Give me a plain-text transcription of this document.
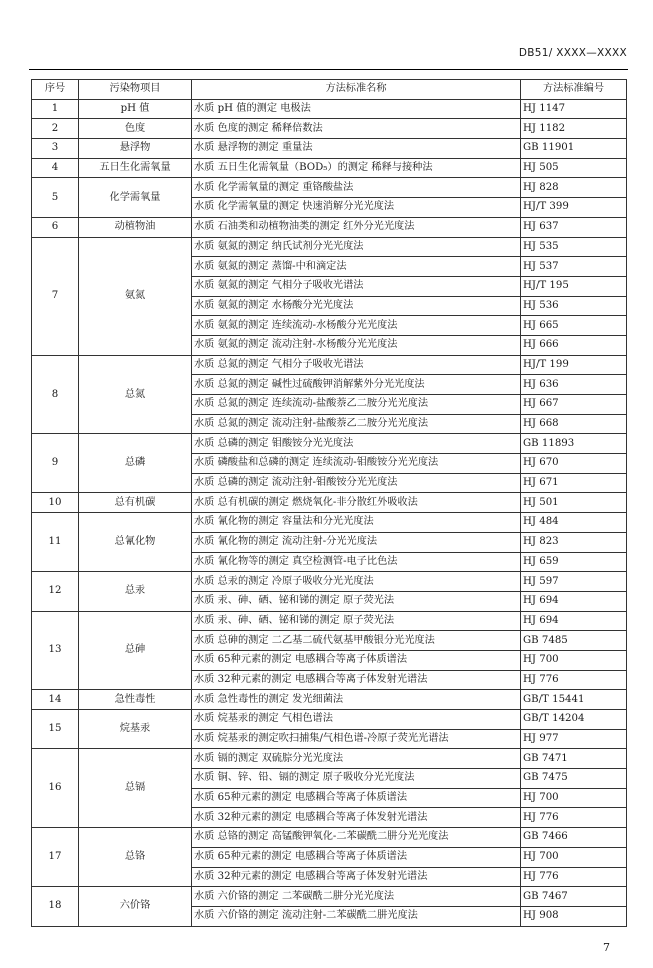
DB51/ XXXX—XXXX
序号	污染物项目	方法标准名称	方法标准编号
1	pH 值	水质 pH 值的测定 电极法	HJ 1147
2	色度	水质 色度的测定 稀释倍数法	HJ 1182
3	悬浮物	水质 悬浮物的测定 重量法	GB 11901
4	五日生化需氧量	水质 五日生化需氧量（BOD₅）的测定 稀释与接种法	HJ 505
5	化学需氧量	水质 化学需氧量的测定 重铬酸盐法	HJ 828
		水质 化学需氧量的测定 快速消解分光光度法	HJ/T 399
6	动植物油	水质 石油类和动植物油类的测定 红外分光光度法	HJ 637
7	氨氮	水质 氨氮的测定 纳氏试剂分光光度法	HJ 535
		水质 氨氮的测定 蒸馏-中和滴定法	HJ 537
		水质 氨氮的测定 气相分子吸收光谱法	HJ/T 195
		水质 氨氮的测定 水杨酸分光光度法	HJ 536
		水质 氨氮的测定 连续流动-水杨酸分光光度法	HJ 665
		水质 氨氮的测定 流动注射-水杨酸分光光度法	HJ 666
8	总氮	水质 总氮的测定 气相分子吸收光谱法	HJ/T 199
		水质 总氮的测定 碱性过硫酸钾消解紫外分光光度法	HJ 636
		水质 总氮的测定 连续流动-盐酸萘乙二胺分光光度法	HJ 667
		水质 总氮的测定 流动注射-盐酸萘乙二胺分光光度法	HJ 668
9	总磷	水质 总磷的测定 钼酸铵分光光度法	GB 11893
		水质 磷酸盐和总磷的测定 连续流动-钼酸铵分光光度法	HJ 670
		水质 总磷的测定 流动注射-钼酸铵分光光度法	HJ 671
10	总有机碳	水质 总有机碳的测定 燃烧氧化-非分散红外吸收法	HJ 501
11	总氰化物	水质 氰化物的测定 容量法和分光光度法	HJ 484
		水质 氰化物的测定 流动注射-分光光度法	HJ 823
		水质 氰化物等的测定 真空检测管-电子比色法	HJ 659
12	总汞	水质 总汞的测定 冷原子吸收分光光度法	HJ 597
		水质 汞、砷、硒、铋和锑的测定 原子荧光法	HJ 694
13	总砷	水质 汞、砷、硒、铋和锑的测定 原子荧光法	HJ 694
		水质 总砷的测定 二乙基二硫代氨基甲酸银分光光度法	GB 7485
		水质 65种元素的测定 电感耦合等离子体质谱法	HJ 700
		水质 32种元素的测定 电感耦合等离子体发射光谱法	HJ 776
14	急性毒性	水质 急性毒性的测定 发光细菌法	GB/T 15441
15	烷基汞	水质 烷基汞的测定 气相色谱法	GB/T 14204
		水质 烷基汞的测定吹扫捕集/气相色谱-冷原子荧光光谱法	HJ 977
16	总镉	水质 镉的测定 双硫腙分光光度法	GB 7471
		水质 铜、锌、铅、镉的测定 原子吸收分光光度法	GB 7475
		水质 65种元素的测定 电感耦合等离子体质谱法	HJ 700
		水质 32种元素的测定 电感耦合等离子体发射光谱法	HJ 776
17	总铬	水质 总铬的测定 高锰酸钾氧化-二苯碳酰二肼分光光度法	GB 7466
		水质 65种元素的测定 电感耦合等离子体质谱法	HJ 700
		水质 32种元素的测定 电感耦合等离子体发射光谱法	HJ 776
18	六价铬	水质 六价铬的测定 二苯碳酰二肼分光光度法	GB 7467
		水质 六价铬的测定 流动注射-二苯碳酰二肼光度法	HJ 908
7
